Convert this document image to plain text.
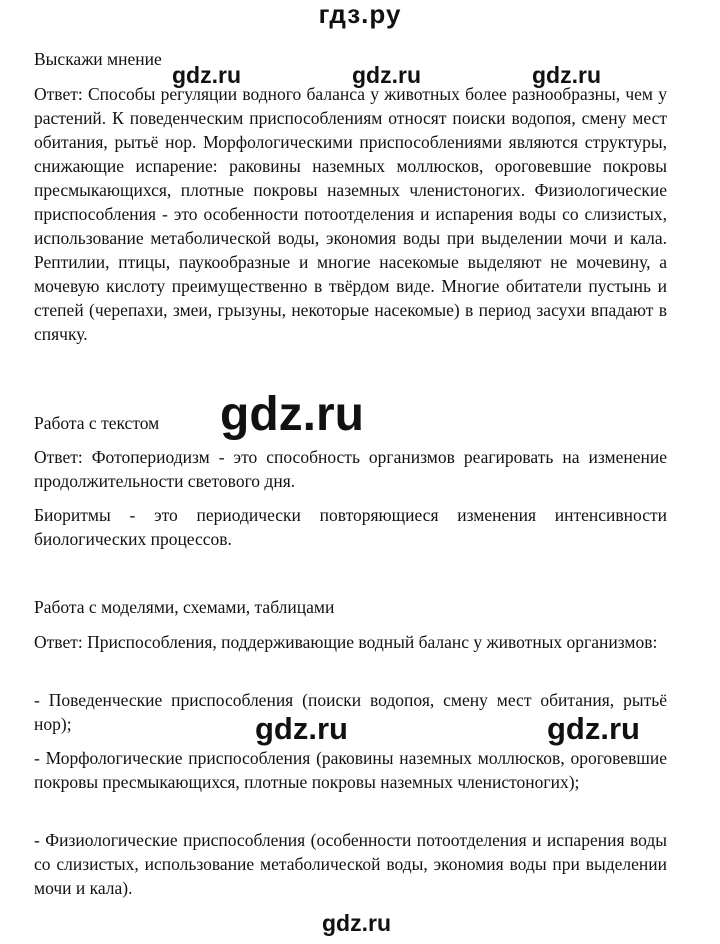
гдз.ру
Выскажи мнение

Ответ: Способы регуляции водного баланса у животных более разнообразны, чем у растений. К поведенческим приспособлениям относят поиски водопоя, смену мест обитания, рытьё нор. Морфологическими приспособлениями являются структуры, снижающие испарение: раковины наземных моллюсков, ороговевшие покровы пресмыкающихся, плотные покровы наземных членистоногих. Физиологические приспособления - это особенности потоотделения и испарения воды со слизистых, использование метаболической воды, экономия воды при выделении мочи и кала. Рептилии, птицы, паукообразные и многие насекомые выделяют не мочевину, а мочевую кислоту преимущественно в твёрдом виде. Многие обитатели пустынь и степей (черепахи, змеи, грызуны, некоторые насекомые) в период засухи впадают в спячку.

Работа с текстом

Ответ: Фотопериодизм - это способность организмов реагировать на изменение продолжительности светового дня.

Биоритмы - это периодически повторяющиеся изменения интенсивности биологических процессов.

Работа с моделями, схемами, таблицами

Ответ: Приспособления, поддерживающие водный баланс у животных организмов:

- Поведенческие приспособления (поиски водопоя, смену мест обитания, рытьё нор);

- Морфологические приспособления (раковины наземных моллюсков, ороговевшие покровы пресмыкающихся, плотные покровы наземных членистоногих);

- Физиологические приспособления (особенности потоотделения и испарения воды со слизистых, использование метаболической воды, экономия воды при выделении мочи и кала).

gdz.ru	gdz.ru	gdz.ru
gdz.ru
gdz.ru	gdz.ru
gdz.ru
